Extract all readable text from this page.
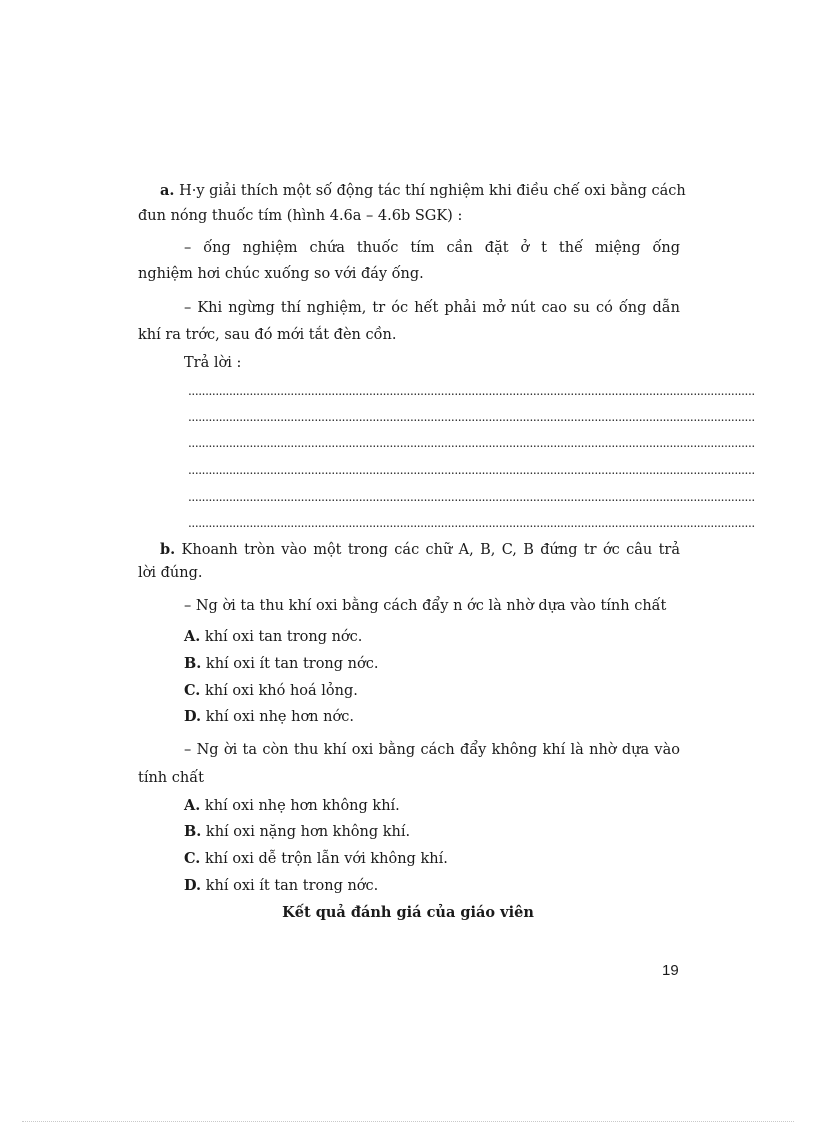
a. H·y giải thích một số động tác thí nghiệm khi điều chế oxi bằng cách
đun nóng thuốc tím (hình 4.6a – 4.6b SGK) :
– ống nghiệm chứa thuốc tím cần đặt ở t thế miệng ống
nghiệm hơi chúc xuống so với đáy ống.
– Khi ngừng thí nghiệm, tr óc hết phải mở nút cao su có ống dẫn
khí ra trớc, sau đó mới tắt đèn cồn.
Trả lời :
......................................................................................................................................................................
......................................................................................................................................................................
......................................................................................................................................................................
......................................................................................................................................................................
......................................................................................................................................................................
......................................................................................................................................................................
b. Khoanh tròn vào một trong các chữ A, B, C, B đứng tr ớc câu trả
lời đúng.
– Ng ời ta thu khí oxi bằng cách đẩy n ớc là nhờ dựa vào tính chất
A. khí oxi tan trong nớc.
B. khí oxi ít tan trong nớc.
C. khí oxi khó hoá lỏng.
D. khí oxi nhẹ hơn nớc.
– Ng ời ta còn thu khí oxi bằng cách đẩy không khí là nhờ dựa vào
tính chất
A. khí oxi nhẹ hơn không khí.
B. khí oxi nặng hơn không khí.
C. khí oxi dễ trộn lẫn với không khí.
D. khí oxi ít tan trong nớc.
Kết quả đánh giá của giáo viên
19
